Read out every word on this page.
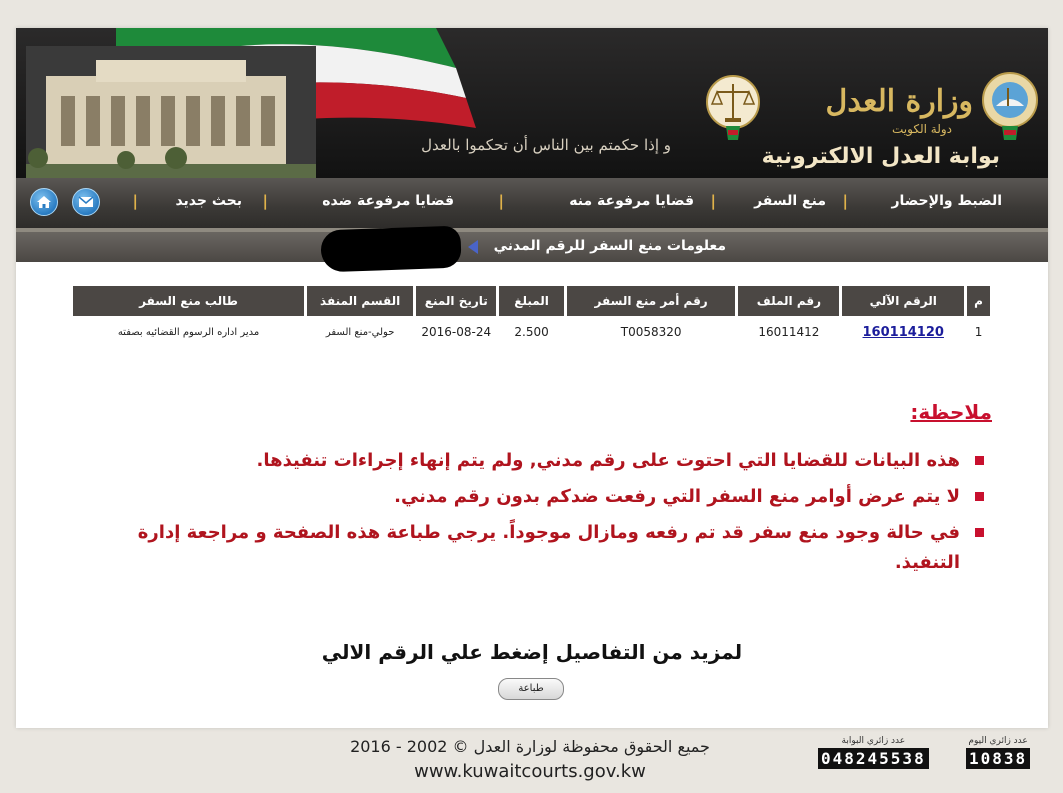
و إذا حكمتم بين الناس أن تحكموا بالعدل
وزارة العدل
دولة الكويت
بوابة العدل الالكترونية
الضبط والإحضار
|
منع السفر
|
قضايا مرفوعة منه
|
قضايا مرفوعة ضده
|
بحث جديد
|
معلومات منع السفر للرقم المدني
م	الرقم الآلي	رقم الملف	رقم أمر منع السفر	المبلغ	تاريخ المنع	القسم المنفذ	طالب منع السفر
1	160114120	16011412	T0058320	2.500	2016-08-24	حولي-منع السفر	مدير اداره الرسوم القضائيه بصفته
ملاحظة:
هذه البيانات للقضايا التي احتوت على رقم مدني, ولم يتم إنهاء إجراءات تنفيذها.
لا يتم عرض أوامر منع السفر التي رفعت ضدكم بدون رقم مدني.
في حالة وجود منع سفر قد تم رفعه ومازال موجوداً. يرجي طباعة هذه الصفحة و مراجعة إدارة التنفيذ.
لمزيد من التفاصيل إضغط علي الرقم الالي
طباعة
جميع الحقوق محفوظة لوزارة العدل © 2002 - 2016
www.kuwaitcourts.gov.kw
عدد زائري البوابة
048245538
عدد زائري اليوم
10838
